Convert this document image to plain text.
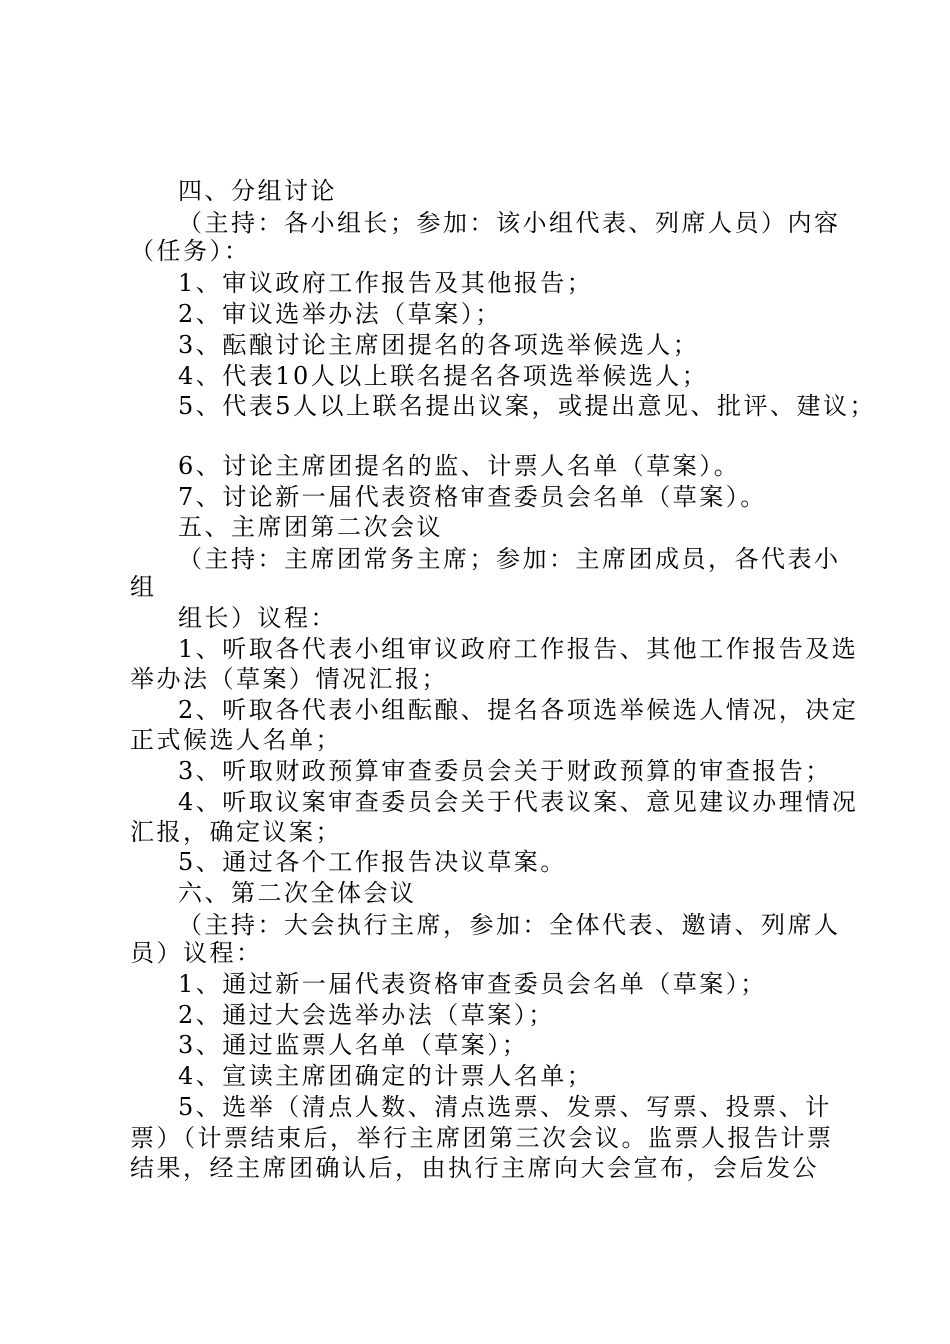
四、分组讨论
（主持：各小组长；参加：该小组代表、列席人员）内容
（任务）：
1、审议政府工作报告及其他报告；
2、审议选举办法（草案）；
3、酝酿讨论主席团提名的各项选举候选人；
4、代表10人以上联名提名各项选举候选人；
5、代表5人以上联名提出议案，或提出意见、批评、建议；
6、讨论主席团提名的监、计票人名单（草案）。
7、讨论新一届代表资格审查委员会名单（草案）。
五、主席团第二次会议
（主持：主席团常务主席；参加：主席团成员，各代表小
组
组长）议程：
1、听取各代表小组审议政府工作报告、其他工作报告及选
举办法（草案）情况汇报；
2、听取各代表小组酝酿、提名各项选举候选人情况，决定
正式候选人名单；
3、听取财政预算审查委员会关于财政预算的审查报告；
4、听取议案审查委员会关于代表议案、意见建议办理情况
汇报，确定议案；
5、通过各个工作报告决议草案。
六、第二次全体会议
（主持：大会执行主席，参加：全体代表、邀请、列席人
员）议程：
1、通过新一届代表资格审查委员会名单（草案）；
2、通过大会选举办法（草案）；
3、通过监票人名单（草案）；
4、宣读主席团确定的计票人名单；
5、选举（清点人数、清点选票、发票、写票、投票、计
票）（计票结束后，举行主席团第三次会议。监票人报告计票
结果，经主席团确认后，由执行主席向大会宣布，会后发公
